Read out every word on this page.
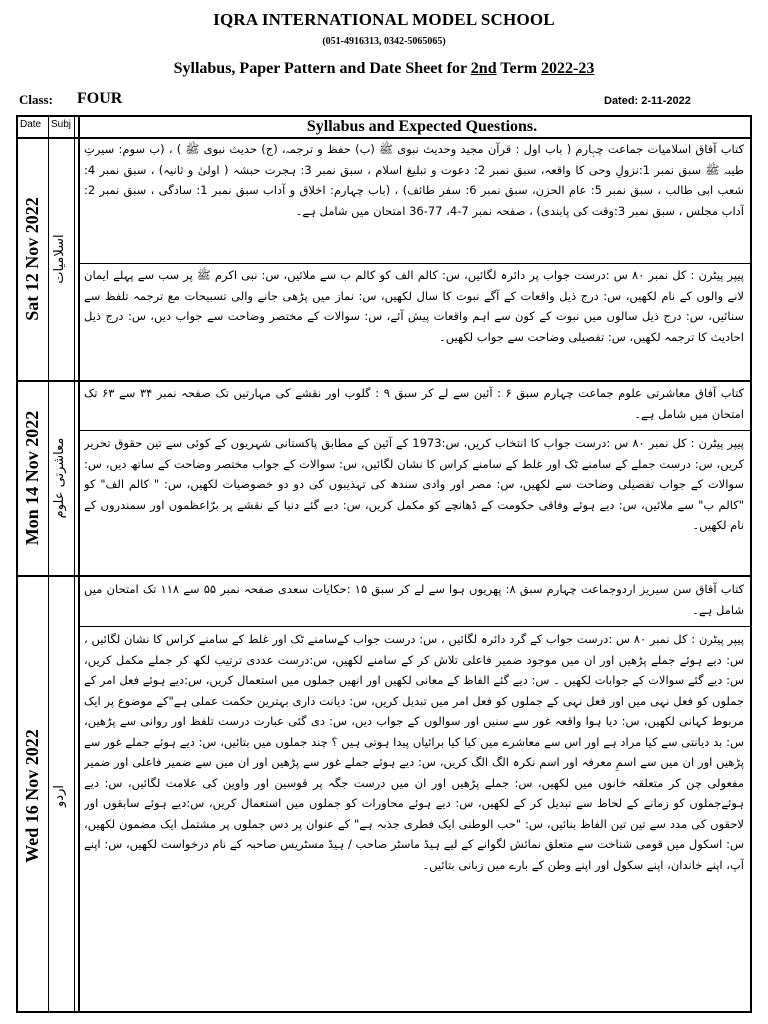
IQRA INTERNATIONAL MODEL SCHOOL
(051-4916313, 0342-5065065)
Syllabus, Paper Pattern and Date Sheet for 2nd Term 2022-23
Class: FOUR	Dated: 2-11-2022
Date Subj	Syllabus and Expected Questions.
Sat 12 Nov 2022 اسلامیات
کتاب آفاق اسلامیات جماعت چہارم ( باب اول : قرآن مجید وحدیث نبوی ﷺ (ب) حفظ و ترجمہ، (ج) حدیث نبوی ﷺ ) ، (ب سوم: سیرتِ طیبہ ﷺ سبق نمبر 1:نزولِ وحی کا واقعہ، سبق نمبر 2: دعوت و تبلیغ اسلام ، سبق نمبر 3: ہجرت حبشہ ( اولیٰ و ثانیہ) ، سبق نمبر 4: شعب ابی طالب ، سبق نمبر 5: عام الحزن، سبق نمبر 6: سفر طائف) ، (باب چہارم: اخلاق و آداب سبق نمبر 1: سادگی ، سبق نمبر 2: آداب مجلس ، سبق نمبر 3:وقت کی پابندی) ، صفحہ نمبر 7-4، 77-36 امتحان میں شامل ہے۔
پیپر پیٹرن : کل نمبر ۸۰ س :درست جواب پر دائرہ لگائیں، س: کالم الف کو کالم ب سے ملائیں، س: نبی اکرم ﷺ پر سب سے پہلے ایمان لانے والوں کے نام لکھیں، س: درج ذیل واقعات کے آگے نبوت کا سال لکھیں، س: نماز میں پڑھی جانے والی تسبیحات مع ترجمہ تلفظ سے سنائیں، س: درج ذیل سالوں میں نبوت کے کون سے اہم واقعات پیش آئے، س: سوالات کے مختصر وضاحت سے جواب دیں، س: درج ذیل احادیث کا ترجمہ لکھیں، س: تفصیلی وضاحت سے جواب لکھیں۔
Mon 14 Nov 2022 معاشرتی علوم
کتاب آفاق معاشرتی علوم جماعت چہارم سبق ۶ : آئین سے لے کر سبق ۹ : گلوب اور نقشے کی مہارتیں تک صفحہ نمبر ۳۴ سے ۶۳ تک امتحان میں شامل ہے۔
پیپر پیٹرن : کل نمبر ۸۰ س :درست جواب کا انتخاب کریں، س:1973 کے آئین کے مطابق پاکستانی شہریوں کے کوئی سے تین حقوق تحریر کریں، س: درست جملے کے سامنے ٹک اور غلط کے سامنے کراس کا نشان لگائیں، س: سوالات کے جواب مختصر وضاحت کے ساتھ دیں، س: سوالات کے جواب تفصیلی وضاحت سے لکھیں، س: مصر اور وادی سندھ کی تہذیبوں کی دو دو خصوصیات لکھیں، س: " کالم الف" کو "کالم ب" سے ملائیں، س: دیے ہوئے وفاقی حکومت کے ڈھانچے کو مکمل کریں، س: دیے گئے دنیا کے نقشے پر برّاعظموں اور سمندروں کے نام لکھیں۔
Wed 16 Nov 2022 اردو
کتاب آفاق سن سیریز اردوجماعت چہارم سبق ۸: پھریوں ہوا سے لے کر سبق ۱۵ :حکایات سعدی صفحہ نمبر ۵۵ سے ۱۱۸ تک امتحان میں شامل ہے۔
پیپر پیٹرن : کل نمبر ۸۰ س :درست جواب کے گرد دائرہ لگائیں ، س: درست جواب کےسامنے ٹک اور غلط کے سامنے کراس کا نشان لگائیں ، س: دیے ہوئے جملے پڑھیں اور ان میں موجود ضمیر فاعلی تلاش کر کے سامنے لکھیں، س:درست عددی ترتیب لکھ کر جملے مکمل کریں، س: دیے گئے سوالات کے جوابات لکھیں ۔ س: دیے گئے الفاظ کے معانی لکھیں اور انھیں جملوں میں استعمال کریں، س:دیے ہوئے فعل امر کے جملوں کو فعل نہی میں اور فعل نہی کے جملوں کو فعل امر میں تبدیل کریں، س: دیانت داری بہترین حکمت عملی ہے"کے موضوع پر ایک مربوط کہانی لکھیں، س: دیا ہوا واقعہ غور سے سنیں اور سوالوں کے جواب دیں، س: دی گئی عبارت درست تلفظ اور روانی سے پڑھیں، س: بد دیانتی سے کیا مراد ہے اور اس سے معاشرے میں کیا کیا برائیاں پیدا ہوتی ہیں ؟ چند جملوں میں بتائیں، س: دیے ہوئے جملے غور سے پڑھیں اور ان میں سے اسمِ معرفہ اور اسم نکرہ الگ الگ کریں، س: دیے ہوئے جملے غور سے پڑھیں اور ان میں سے ضمیر فاعلی اور ضمیر مفعولی چن کر متعلقہ خانوں میں لکھیں، س: جملے پڑھیں اور ان میں درست جگہ پر قوسین اور واوین کی علامت لگائیں، س: دیے ہوئےجملوں کو زمانے کے لحاظ سے تبدیل کر کے لکھیں، س: دیے ہوئے محاورات کو جملوں میں استعمال کریں، س:دیے ہوئے سابقوں اور لاحقوں کی مدد سے تین تین الفاظ بنائیں، س: "حب الوطنی ایک فطری جذبہ ہے" کے عنوان پر دس جملوں پر مشتمل ایک مضمون لکھیں، س: اسکول میں قومی شناخت سے متعلق نمائش لگوانے کے لیے ہیڈ ماسٹر صاحب / ہیڈ مسٹریس صاحبہ کے نام درخواست لکھیں، س: اپنے آپ، اپنے خاندان، اپنے سکول اور اپنے وطن کے بارے میں زبانی بتائیں۔
